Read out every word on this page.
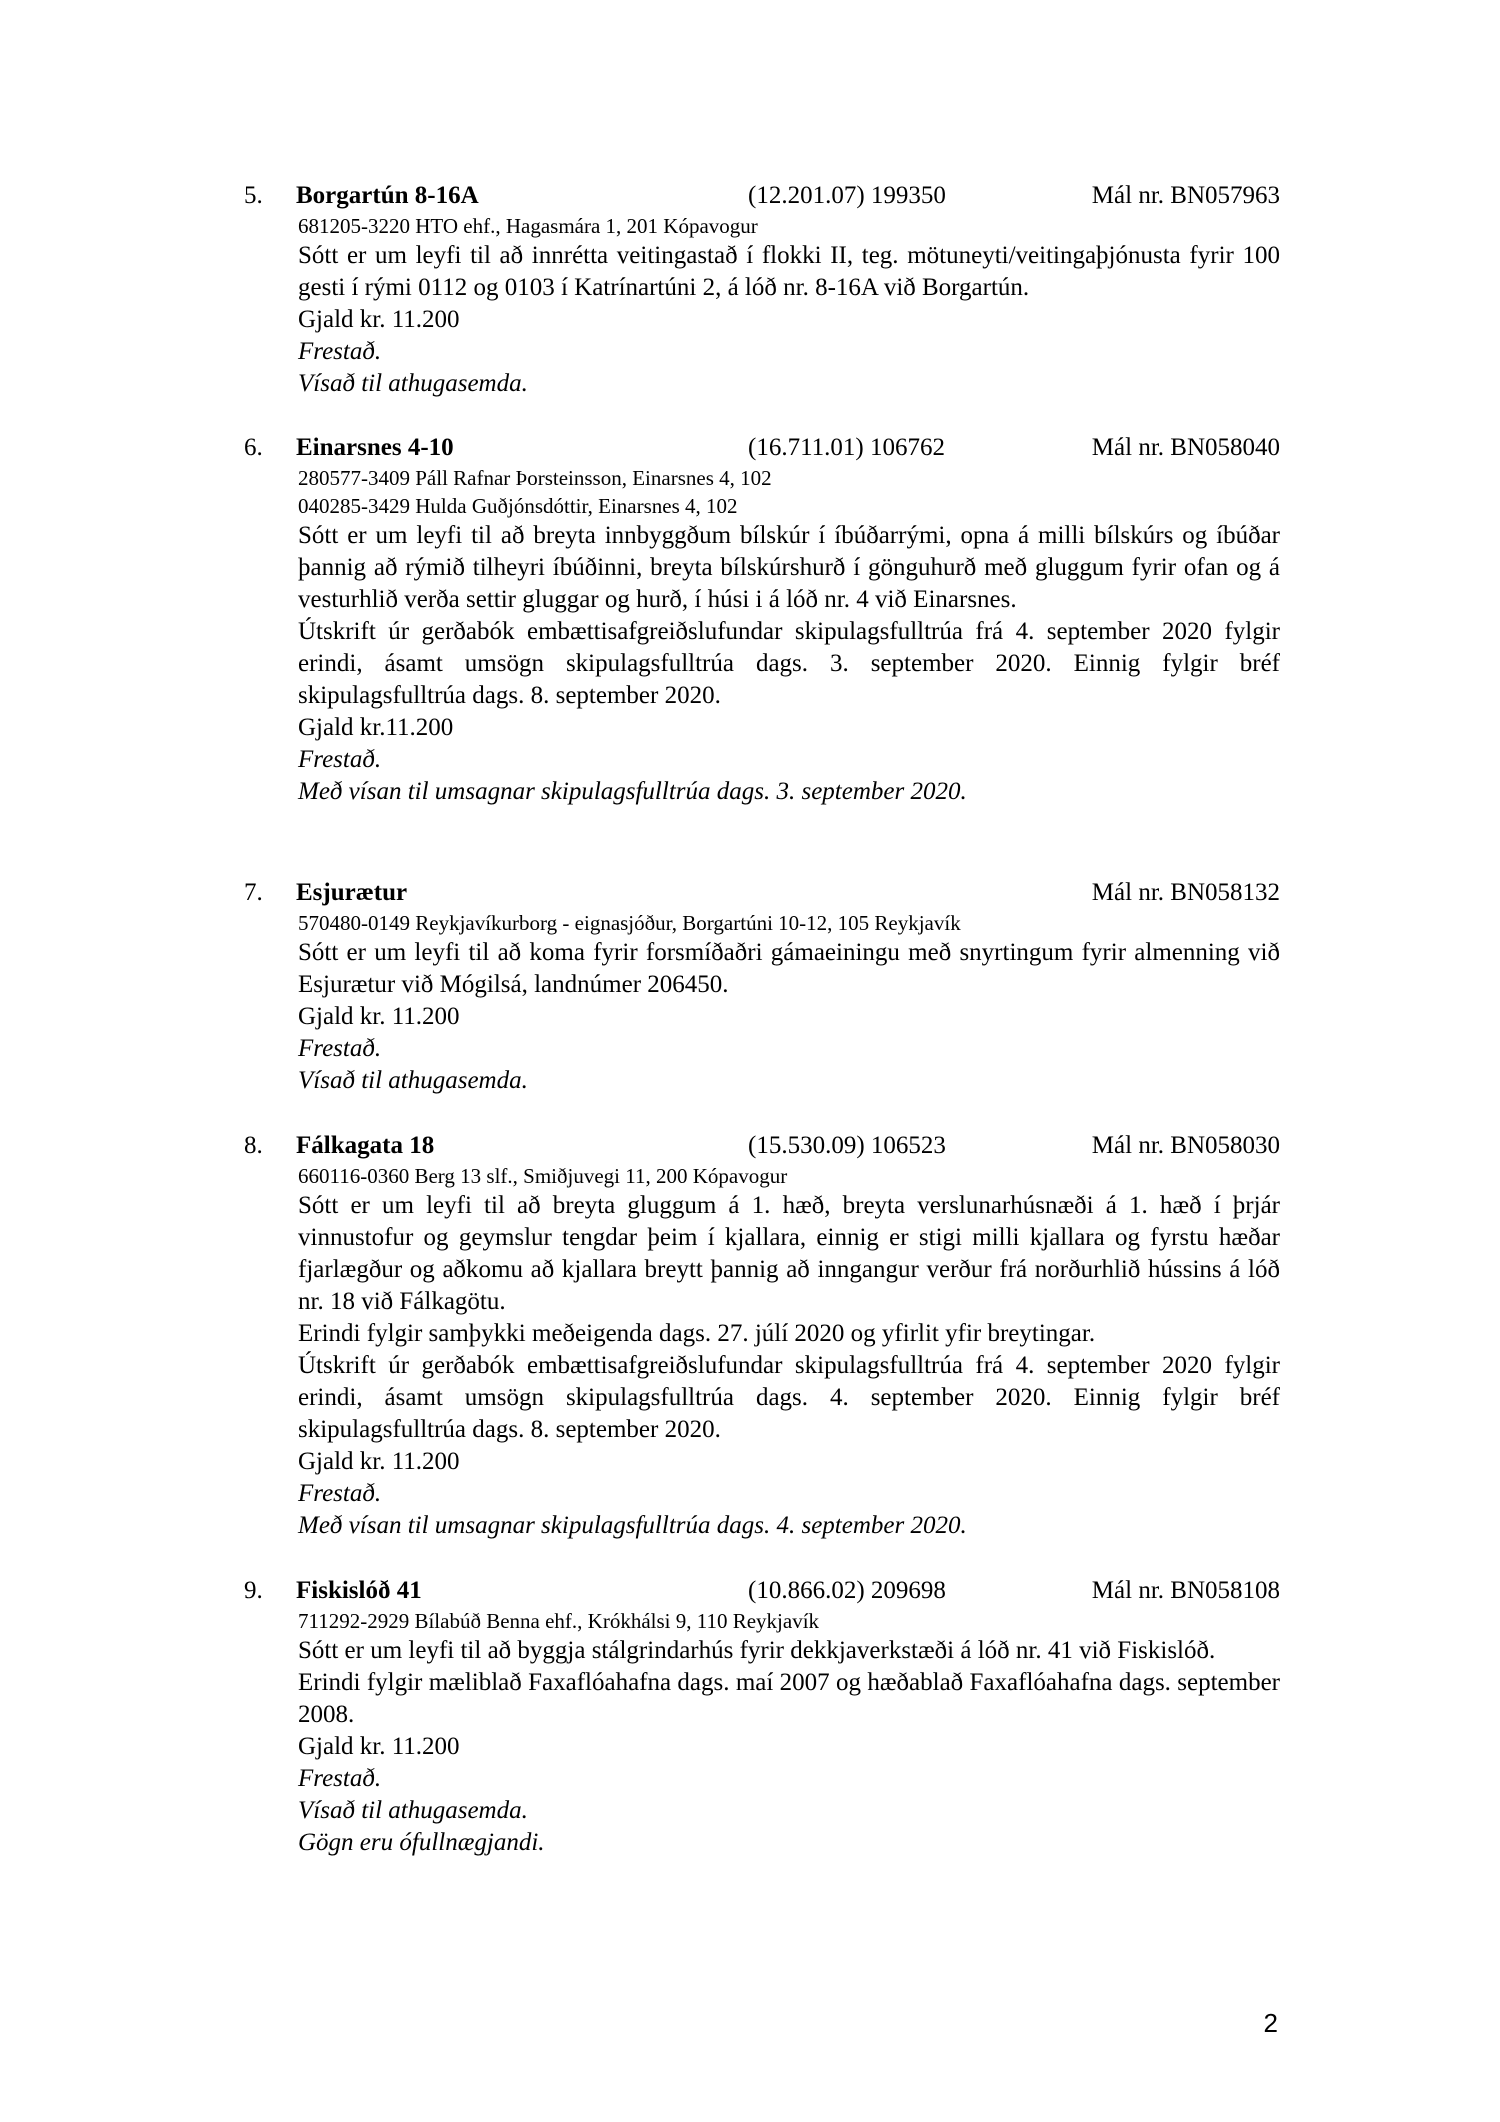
5. Borgartún 8-16A	(12.201.07) 199350	Mál nr. BN057963
681205-3220 HTO ehf., Hagasmára 1, 201 Kópavogur
Sótt er um leyfi til að innrétta veitingastað í flokki II, teg. mötuneyti/veitingaþjónusta fyrir 100 gesti í rými 0112 og 0103 í Katrínartúni 2, á lóð nr. 8-16A við Borgartún.
Gjald kr. 11.200
Frestað.
Vísað til athugasemda.
6. Einarsnes 4-10	(16.711.01) 106762	Mál nr. BN058040
280577-3409 Páll Rafnar Þorsteinsson, Einarsnes 4, 102
040285-3429 Hulda Guðjónsdóttir, Einarsnes 4, 102
Sótt er um leyfi til að breyta innbyggðum bílskúr í íbúðarrými, opna á milli bílskúrs og íbúðar þannig að rýmið tilheyri íbúðinni, breyta bílskúrshurð í gönguhurð með gluggum fyrir ofan og á vesturhlið verða settir gluggar og hurð, í húsi i á lóð nr. 4 við Einarsnes.
Útskrift úr gerðabók embættisafgreiðslufundar skipulagsfulltrúa frá 4. september 2020 fylgir erindi, ásamt umsögn skipulagsfulltrúa dags. 3. september 2020. Einnig fylgir bréf skipulagsfulltrúa dags. 8. september 2020.
Gjald kr.11.200
Frestað.
Með vísan til umsagnar skipulagsfulltrúa dags. 3. september 2020.
7. Esjurætur	Mál nr. BN058132
570480-0149 Reykjavíkurborg - eignasjóður, Borgartúni 10-12, 105 Reykjavík
Sótt er um leyfi til að koma fyrir forsmíðaðri gámaeiningu með snyrtingum fyrir almenning við Esjurætur við Mógilsá, landnúmer 206450.
Gjald kr. 11.200
Frestað.
Vísað til athugasemda.
8. Fálkagata 18	(15.530.09) 106523	Mál nr. BN058030
660116-0360 Berg 13 slf., Smiðjuvegi 11, 200 Kópavogur
Sótt er um leyfi til að breyta gluggum á 1. hæð, breyta verslunarhúsnæði á 1. hæð í þrjár vinnustofur og geymslur tengdar þeim í kjallara, einnig er stigi milli kjallara og fyrstu hæðar fjarlægður og aðkomu að kjallara breytt þannig að inngangur verður frá norðurhlið hússins á lóð nr. 18 við Fálkagötu.
Erindi fylgir samþykki meðeigenda dags. 27. júlí 2020 og yfirlit yfir breytingar.
Útskrift úr gerðabók embættisafgreiðslufundar skipulagsfulltrúa frá 4. september 2020 fylgir erindi, ásamt umsögn skipulagsfulltrúa dags. 4. september 2020. Einnig fylgir bréf skipulagsfulltrúa dags. 8. september 2020.
Gjald kr. 11.200
Frestað.
Með vísan til umsagnar skipulagsfulltrúa dags. 4. september 2020.
9. Fiskislóð 41	(10.866.02) 209698	Mál nr. BN058108
711292-2929 Bílabúð Benna ehf., Krókhálsi 9, 110 Reykjavík
Sótt er um leyfi til að byggja stálgrindarhús fyrir dekkjaverkstæði á lóð nr. 41 við Fiskislóð.
Erindi fylgir mæliblað Faxaflóahafna dags. maí 2007 og hæðablað Faxaflóahafna dags. september 2008.
Gjald kr. 11.200
Frestað.
Vísað til athugasemda.
Gögn eru ófullnægjandi.
2
